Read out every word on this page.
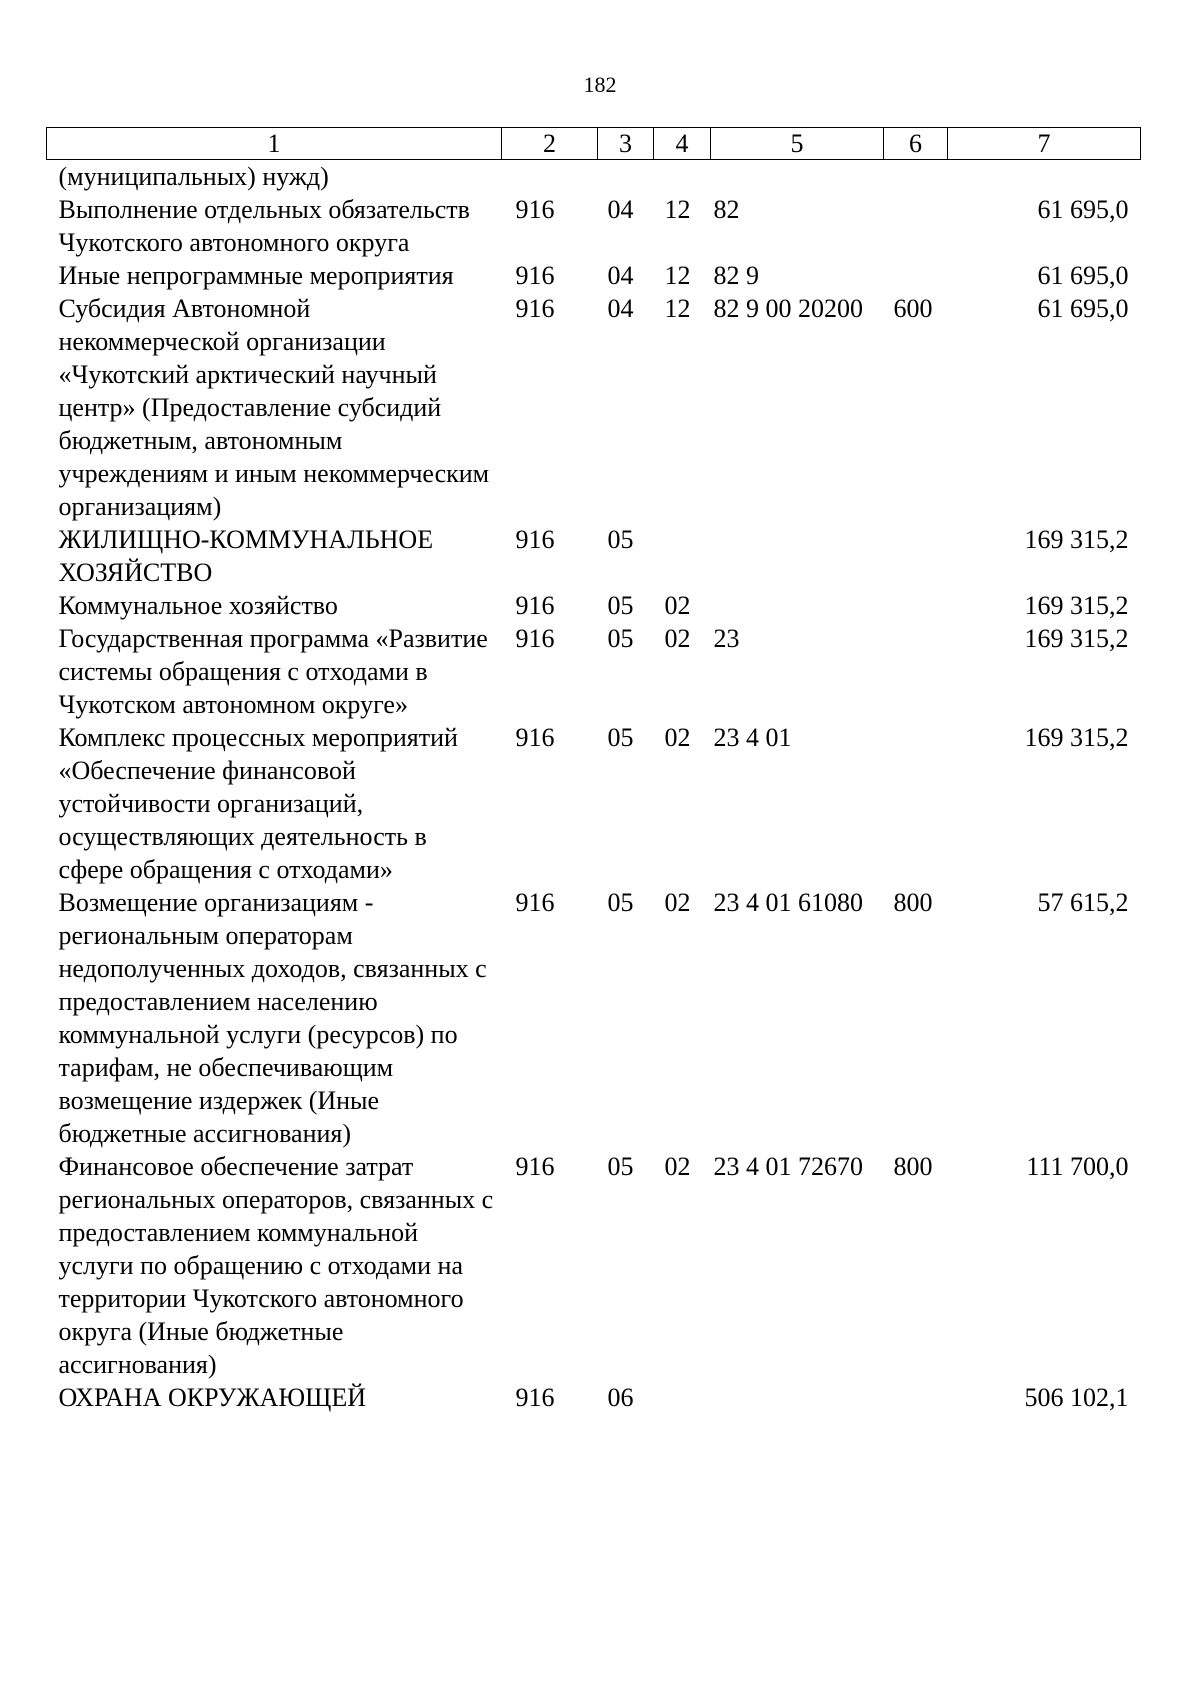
182
1	2	3	4	5	6	7
(муниципальных) нужд)						
Выполнение отдельных обязательств Чукотского автономного округа	916	04	12	82		61 695,0
Иные непрограммные мероприятия	916	04	12	82 9		61 695,0
Субсидия Автономной некоммерческой организации «Чукотский арктический научный центр» (Предоставление субсидий бюджетным, автономным учреждениям и иным некоммерческим организациям)	916	04	12	82 9 00 20200	600	61 695,0
ЖИЛИЩНО-КОММУНАЛЬНОЕ ХОЗЯЙСТВО	916	05				169 315,2
Коммунальное хозяйство	916	05	02			169 315,2
Государственная программа «Развитие системы обращения с отходами в Чукотском автономном округе»	916	05	02	23		169 315,2
Комплекс процессных мероприятий «Обеспечение финансовой устойчивости организаций, осуществляющих деятельность в сфере обращения с отходами»	916	05	02	23 4 01		169 315,2
Возмещение организациям - региональным операторам недополученных доходов, связанных с предоставлением населению коммунальной услуги (ресурсов) по тарифам, не обеспечивающим возмещение издержек (Иные бюджетные ассигнования)	916	05	02	23 4 01 61080	800	57 615,2
Финансовое обеспечение затрат региональных операторов, связанных с предоставлением коммунальной услуги по обращению с отходами на территории Чукотского автономного округа (Иные бюджетные ассигнования)	916	05	02	23 4 01 72670	800	111 700,0
ОХРАНА ОКРУЖАЮЩЕЙ	916	06				506 102,1
